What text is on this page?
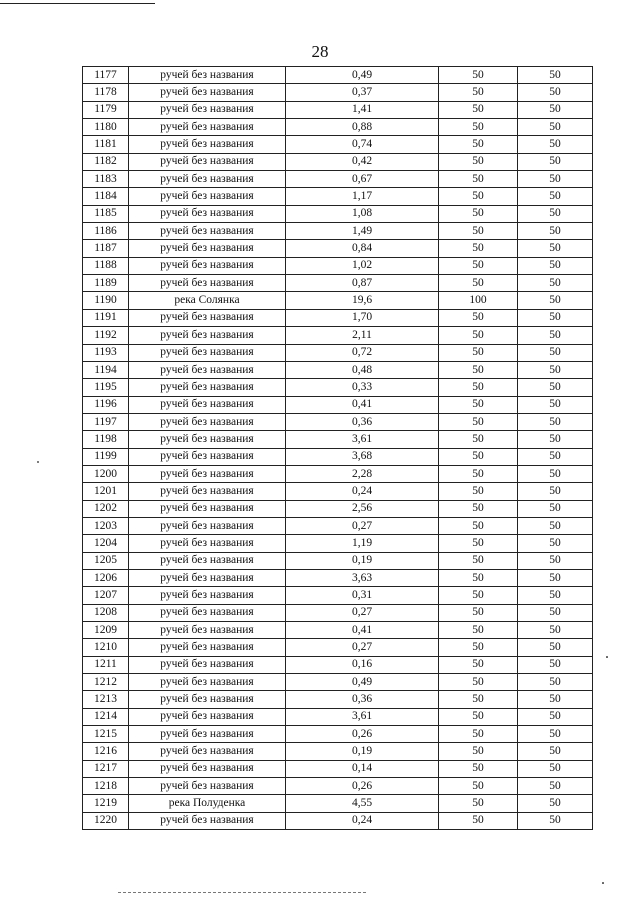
28
1177	ручей без названия	0,49	50	50
1178	ручей без названия	0,37	50	50
1179	ручей без названия	1,41	50	50
1180	ручей без названия	0,88	50	50
1181	ручей без названия	0,74	50	50
1182	ручей без названия	0,42	50	50
1183	ручей без названия	0,67	50	50
1184	ручей без названия	1,17	50	50
1185	ручей без названия	1,08	50	50
1186	ручей без названия	1,49	50	50
1187	ручей без названия	0,84	50	50
1188	ручей без названия	1,02	50	50
1189	ручей без названия	0,87	50	50
1190	река Солянка	19,6	100	50
1191	ручей без названия	1,70	50	50
1192	ручей без названия	2,11	50	50
1193	ручей без названия	0,72	50	50
1194	ручей без названия	0,48	50	50
1195	ручей без названия	0,33	50	50
1196	ручей без названия	0,41	50	50
1197	ручей без названия	0,36	50	50
1198	ручей без названия	3,61	50	50
1199	ручей без названия	3,68	50	50
1200	ручей без названия	2,28	50	50
1201	ручей без названия	0,24	50	50
1202	ручей без названия	2,56	50	50
1203	ручей без названия	0,27	50	50
1204	ручей без названия	1,19	50	50
1205	ручей без названия	0,19	50	50
1206	ручей без названия	3,63	50	50
1207	ручей без названия	0,31	50	50
1208	ручей без названия	0,27	50	50
1209	ручей без названия	0,41	50	50
1210	ручей без названия	0,27	50	50
1211	ручей без названия	0,16	50	50
1212	ручей без названия	0,49	50	50
1213	ручей без названия	0,36	50	50
1214	ручей без названия	3,61	50	50
1215	ручей без названия	0,26	50	50
1216	ручей без названия	0,19	50	50
1217	ручей без названия	0,14	50	50
1218	ручей без названия	0,26	50	50
1219	река Полуденка	4,55	50	50
1220	ручей без названия	0,24	50	50
